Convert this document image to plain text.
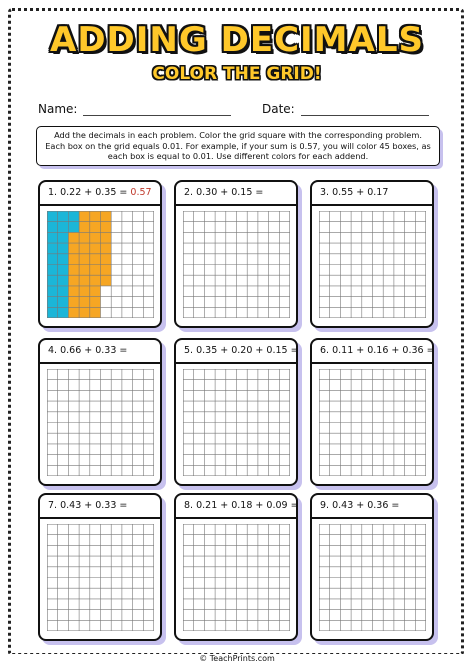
ADDING DECIMALS
COLOR THE GRID!
Name:	Date:
Add the decimals in each problem. Color the grid square with the corresponding problem. Each box on the grid equals 0.01. For example, if your sum is 0.57, you will color 45 boxes, as each box is equal to 0.01. Use different colors for each addend.
1. 0.22 + 0.35 = 0.57	2. 0.30 + 0.15 =	3. 0.55 + 0.17
4. 0.66 + 0.33 =	5. 0.35 + 0.20 + 0.15 =	6. 0.11 + 0.16 + 0.36 =
7. 0.43 + 0.33 =	8. 0.21 + 0.18 + 0.09 =	9. 0.43 + 0.36 =
© TeachPrints.com
